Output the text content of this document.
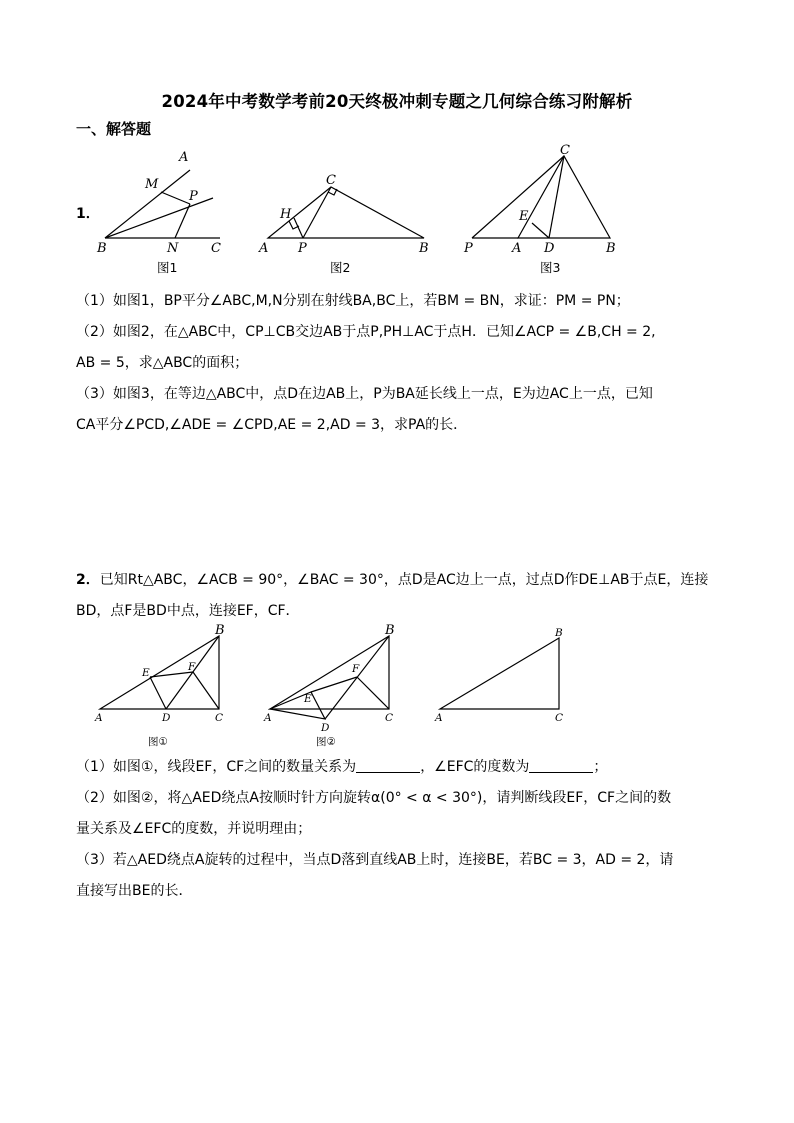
2024年中考数学考前20天终极冲刺专题之几何综合练习附解析
一、解答题
1．
A
M
P
B	N	C
图1
C
H
A P	B
图2
C
E
P	A D	B
图3
（1）如图1，BP平分∠ABC,M,N分别在射线BA,BC上，若BM = BN，求证：PM = PN；
（2）如图2，在△ABC中，CP⊥CB交边AB于点P,PH⊥AC于点H．已知∠ACP = ∠B,CH = 2,
AB = 5，求△ABC的面积；
（3）如图3，在等边△ABC中，点D在边AB上，P为BA延长线上一点，E为边AC上一点，已知
CA平分∠PCD,∠ADE = ∠CPD,AE = 2,AD = 3，求PA的长．
2．已知Rt△ABC，∠ACB = 90°，∠BAC = 30°，点D是AC边上一点，过点D作DE⊥AB于点E，连接
BD，点F是BD中点，连接EF，CF．
B
E	F
A	D	C
图①
B
F
E
A
D
C
图②
B
A	C
（1）如图①，线段EF，CF之间的数量关系为	，∠EFC的度数为	；
（2）如图②，将△AED绕点A按顺时针方向旋转α(0° < α < 30°)，请判断线段EF，CF之间的数
量关系及∠EFC的度数，并说明理由；
（3）若△AED绕点A旋转的过程中，当点D落到直线AB上时，连接BE，若BC = 3，AD = 2，请
直接写出BE的长．
